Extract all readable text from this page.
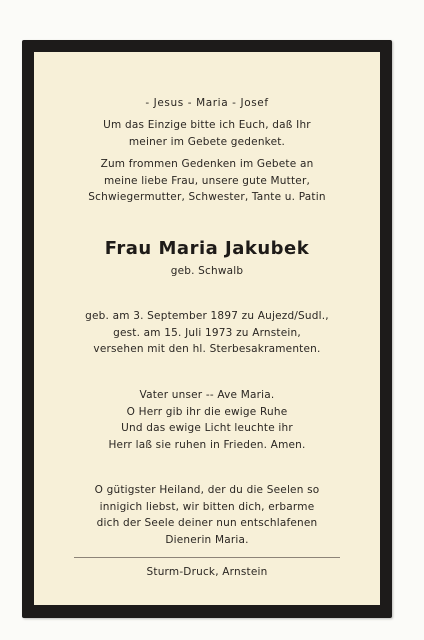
- Jesus - Maria - Josef
Um das Einzige bitte ich Euch, daß Ihr
meiner im Gebete gedenket.
Zum frommen Gedenken im Gebete an
meine liebe Frau, unsere gute Mutter,
Schwiegermutter, Schwester, Tante u. Patin
Frau Maria Jakubek
geb. Schwalb
geb. am 3. September 1897 zu Aujezd/Sudl.,
gest. am 15. Juli 1973 zu Arnstein,
versehen mit den hl. Sterbesakramenten.
Vater unser -- Ave Maria.
O Herr gib ihr die ewige Ruhe
Und das ewige Licht leuchte ihr
Herr laß sie ruhen in Frieden. Amen.
O gütigster Heiland, der du die Seelen so
innigich liebst, wir bitten dich, erbarme
dich der Seele deiner nun entschlafenen
Dienerin Maria.
Sturm-Druck, Arnstein
